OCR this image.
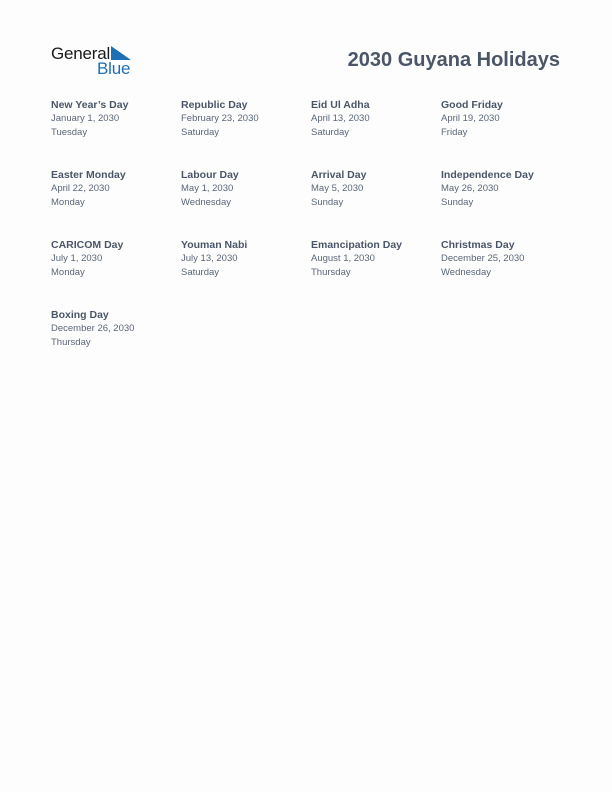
General
Blue	2030 Guyana Holidays
New Year’s Day
January 1, 2030
Tuesday
Republic Day
February 23, 2030
Saturday
Eid Ul Adha
April 13, 2030
Saturday
Good Friday
April 19, 2030
Friday
Easter Monday
April 22, 2030
Monday
Labour Day
May 1, 2030
Wednesday
Arrival Day
May 5, 2030
Sunday
Independence Day
May 26, 2030
Sunday
CARICOM Day
July 1, 2030
Monday
Youman Nabi
July 13, 2030
Saturday
Emancipation Day
August 1, 2030
Thursday
Christmas Day
December 25, 2030
Wednesday
Boxing Day
December 26, 2030
Thursday
